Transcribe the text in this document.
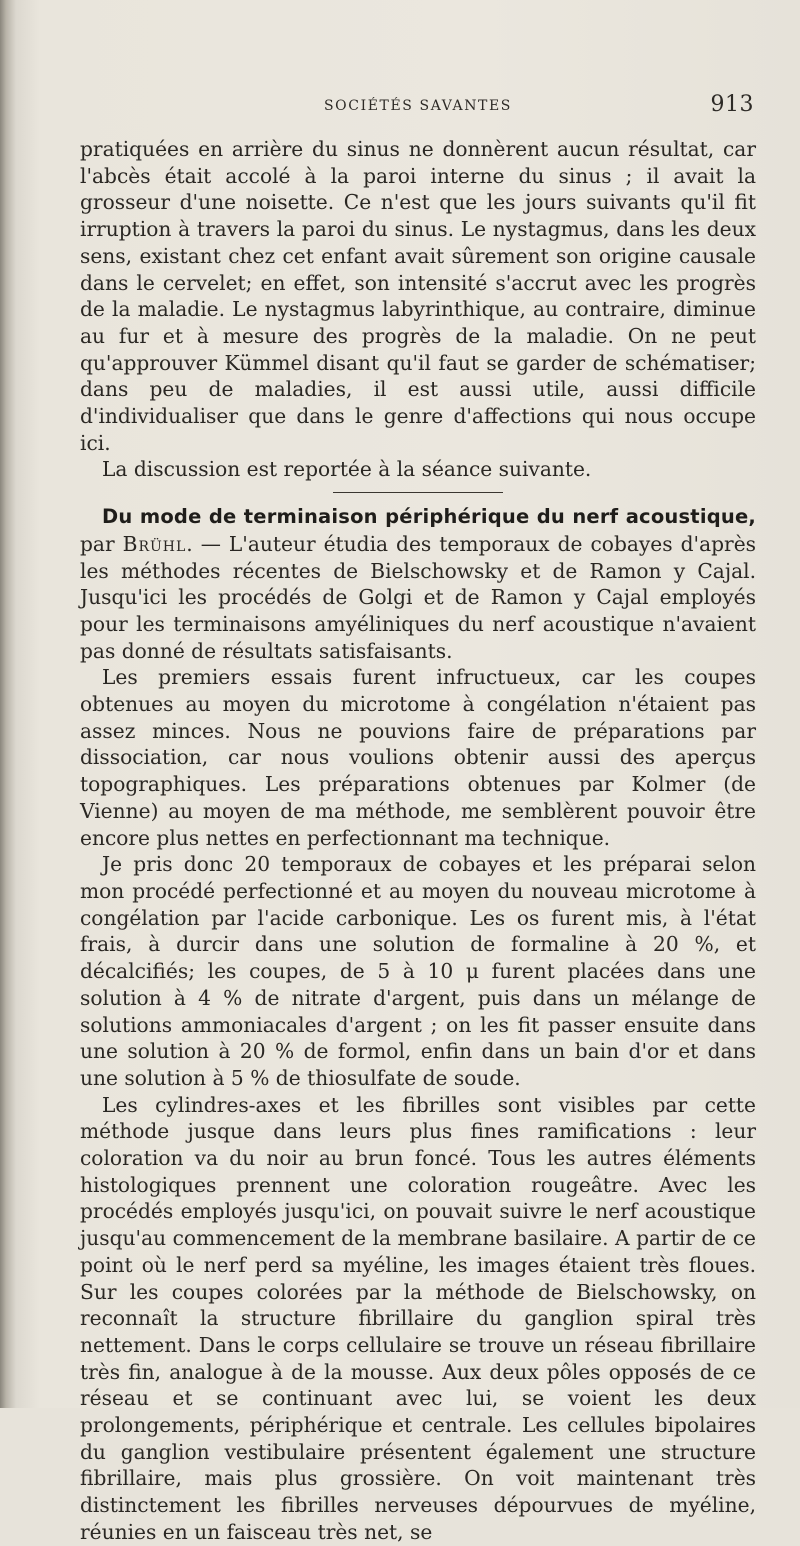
SOCIÉTÉS SAVANTES	913

pratiquées en arrière du sinus ne donnèrent aucun résultat, car l'abcès était accolé à la paroi interne du sinus ; il avait la grosseur d'une noisette. Ce n'est que les jours suivants qu'il fit irruption à travers la paroi du sinus. Le nystagmus, dans les deux sens, existant chez cet enfant avait sûrement son origine causale dans le cervelet; en effet, son intensité s'accrut avec les progrès de la maladie. Le nystagmus labyrinthique, au contraire, diminue au fur et à mesure des progrès de la maladie. On ne peut qu'approuver Kümmel disant qu'il faut se garder de schématiser; dans peu de maladies, il est aussi utile, aussi difficile d'individualiser que dans le genre d'affections qui nous occupe ici.

La discussion est reportée à la séance suivante.

Du mode de terminaison périphérique du nerf acoustique, par Brühl. — L'auteur étudia des temporaux de cobayes d'après les méthodes récentes de Bielschowsky et de Ramon y Cajal. Jusqu'ici les procédés de Golgi et de Ramon y Cajal employés pour les terminaisons amyéliniques du nerf acoustique n'avaient pas donné de résultats satisfaisants.

Les premiers essais furent infructueux, car les coupes obtenues au moyen du microtome à congélation n'étaient pas assez minces. Nous ne pouvions faire de préparations par dissociation, car nous voulions obtenir aussi des aperçus topographiques. Les préparations obtenues par Kolmer (de Vienne) au moyen de ma méthode, me semblèrent pouvoir être encore plus nettes en perfectionnant ma technique.

Je pris donc 20 temporaux de cobayes et les préparai selon mon procédé perfectionné et au moyen du nouveau microtome à congélation par l'acide carbonique. Les os furent mis, à l'état frais, à durcir dans une solution de formaline à 20 %, et décalcifiés; les coupes, de 5 à 10 μ furent placées dans une solution à 4 % de nitrate d'argent, puis dans un mélange de solutions ammoniacales d'argent ; on les fit passer ensuite dans une solution à 20 % de formol, enfin dans un bain d'or et dans une solution à 5 % de thiosulfate de soude.

Les cylindres-axes et les fibrilles sont visibles par cette méthode jusque dans leurs plus fines ramifications : leur coloration va du noir au brun foncé. Tous les autres éléments histologiques prennent une coloration rougeâtre. Avec les procédés employés jusqu'ici, on pouvait suivre le nerf acoustique jusqu'au commencement de la membrane basilaire. A partir de ce point où le nerf perd sa myéline, les images étaient très floues. Sur les coupes colorées par la méthode de Bielschowsky, on reconnaît la structure fibrillaire du ganglion spiral très nettement. Dans le corps cellulaire se trouve un réseau fibrillaire très fin, analogue à de la mousse. Aux deux pôles opposés de ce réseau et se continuant avec lui, se voient les deux prolongements, périphérique et centrale. Les cellules bipolaires du ganglion vestibulaire présentent également une structure fibrillaire, mais plus grossière. On voit maintenant très distinctement les fibrilles nerveuses dépourvues de myéline, réunies en un faisceau très net, se
